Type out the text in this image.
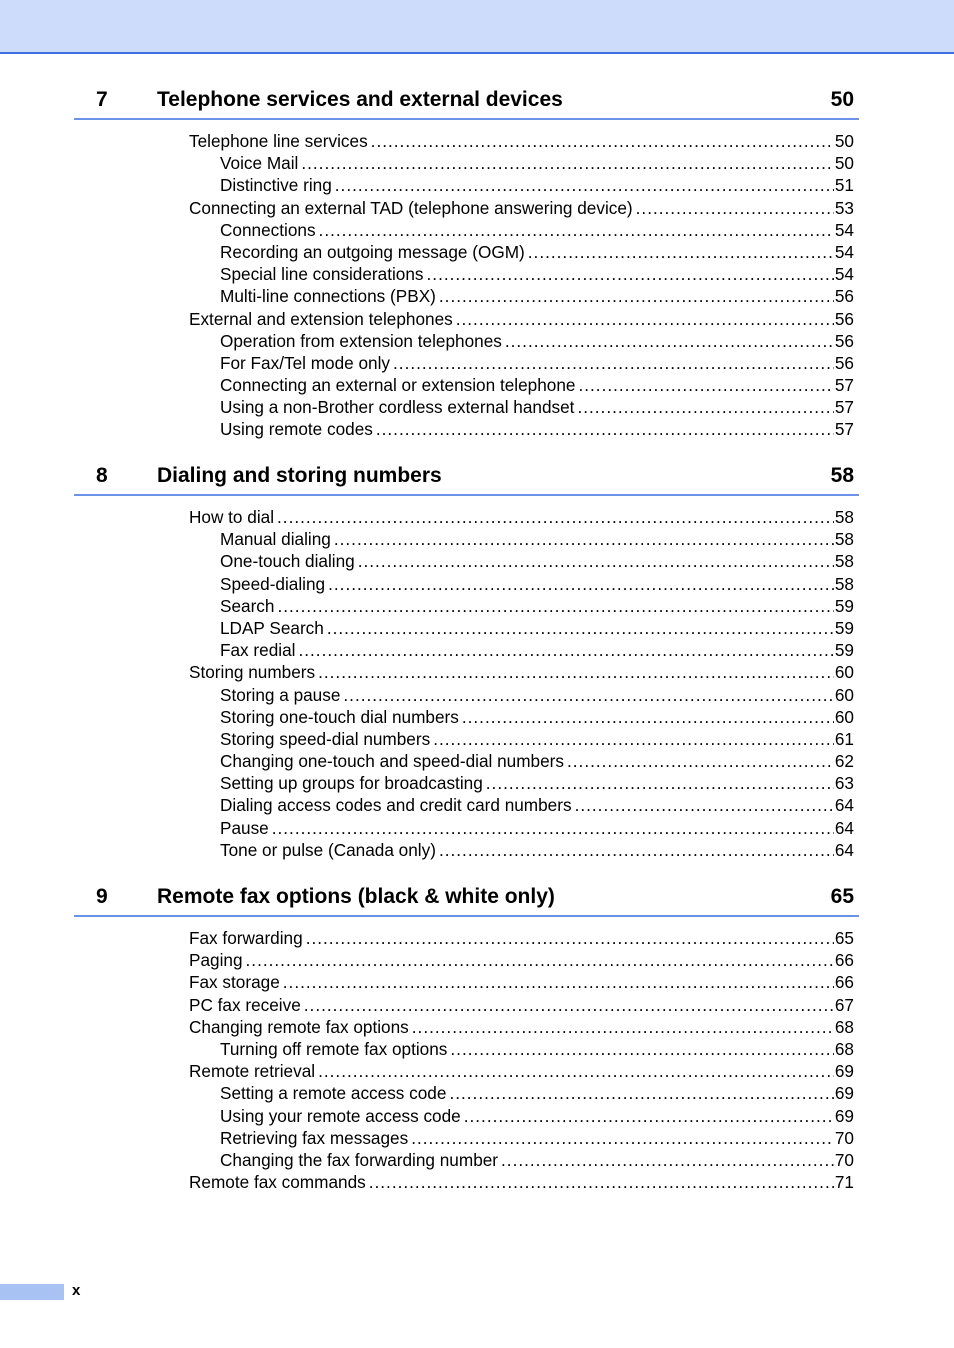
7 Telephone services and external devices	50
Telephone line services .....	50
Voice Mail .....	50
Distinctive ring .....	51
Connecting an external TAD (telephone answering device) .....	53
Connections .....	54
Recording an outgoing message (OGM) .....	54
Special line considerations .....	54
Multi-line connections (PBX) .....	56
External and extension telephones .....	56
Operation from extension telephones .....	56
For Fax/Tel mode only .....	56
Connecting an external or extension telephone .....	57
Using a non-Brother cordless external handset .....	57
Using remote codes .....	57
8 Dialing and storing numbers	58
How to dial .....	58
Manual dialing .....	58
One-touch dialing .....	58
Speed-dialing .....	58
Search .....	59
LDAP Search .....	59
Fax redial .....	59
Storing numbers .....	60
Storing a pause .....	60
Storing one-touch dial numbers .....	60
Storing speed-dial numbers .....	61
Changing one-touch and speed-dial numbers .....	62
Setting up groups for broadcasting .....	63
Dialing access codes and credit card numbers .....	64
Pause .....	64
Tone or pulse (Canada only) .....	64
9 Remote fax options (black & white only)	65
Fax forwarding .....	65
Paging .....	66
Fax storage .....	66
PC fax receive .....	67
Changing remote fax options .....	68
Turning off remote fax options .....	68
Remote retrieval .....	69
Setting a remote access code .....	69
Using your remote access code .....	69
Retrieving fax messages .....	70
Changing the fax forwarding number .....	70
Remote fax commands .....	71
x
